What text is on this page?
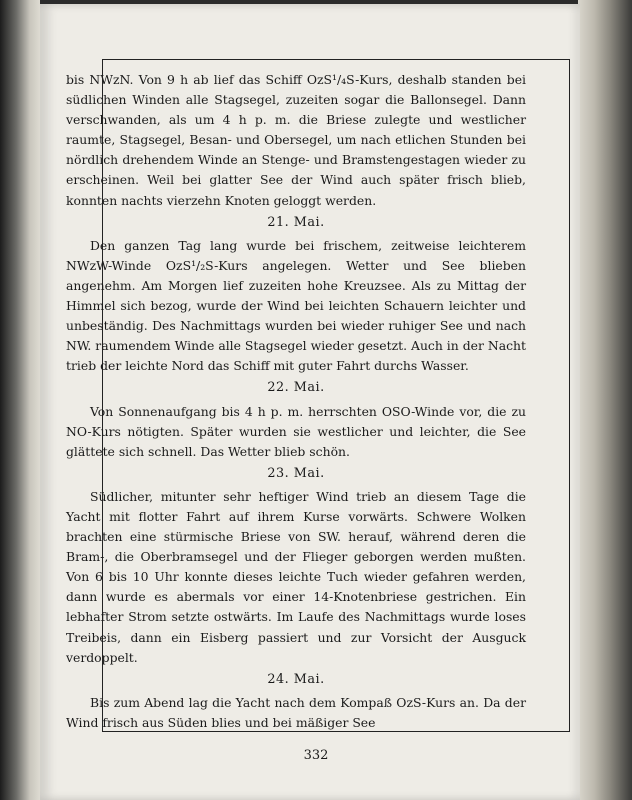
bis NWzN. Von 9 h ab lief das Schiff OzS¹/₄S-Kurs, deshalb standen bei südlichen Winden alle Stagsegel, zuzeiten sogar die Ballonsegel. Dann verschwanden, als um 4 h p. m. die Briese zulegte und westlicher raumte, Stagsegel, Besan- und Obersegel, um nach etlichen Stunden bei nördlich drehendem Winde an Stenge- und Bramstengestagen wieder zu erscheinen. Weil bei glatter See der Wind auch später frisch blieb, konnten nachts vierzehn Knoten geloggt werden.

21. Mai.

Den ganzen Tag lang wurde bei frischem, zeitweise leichterem NWzW-Winde OzS¹/₂S-Kurs angelegen. Wetter und See blieben angenehm. Am Morgen lief zuzeiten hohe Kreuzsee. Als zu Mittag der Himmel sich bezog, wurde der Wind bei leichten Schauern leichter und unbeständig. Des Nachmittags wurden bei wieder ruhiger See und nach NW. raumendem Winde alle Stagsegel wieder gesetzt. Auch in der Nacht trieb der leichte Nord das Schiff mit guter Fahrt durchs Wasser.

22. Mai.

Von Sonnenaufgang bis 4 h p. m. herrschten OSO-Winde vor, die zu NO-Kurs nötigten. Später wurden sie westlicher und leichter, die See glättete sich schnell. Das Wetter blieb schön.

23. Mai.

Südlicher, mitunter sehr heftiger Wind trieb an diesem Tage die Yacht mit flotter Fahrt auf ihrem Kurse vorwärts. Schwere Wolken brachten eine stürmische Briese von SW. herauf, während deren die Bram-, die Oberbramsegel und der Flieger geborgen werden mußten. Von 6 bis 10 Uhr konnte dieses leichte Tuch wieder gefahren werden, dann wurde es abermals vor einer 14-Knotenbriese gestrichen. Ein lebhafter Strom setzte ostwärts. Im Laufe des Nachmittags wurde loses Treibeis, dann ein Eisberg passiert und zur Vorsicht der Ausguck verdoppelt.

24. Mai.

Bis zum Abend lag die Yacht nach dem Kompaß OzS-Kurs an. Da der Wind frisch aus Süden blies und bei mäßiger See

332
